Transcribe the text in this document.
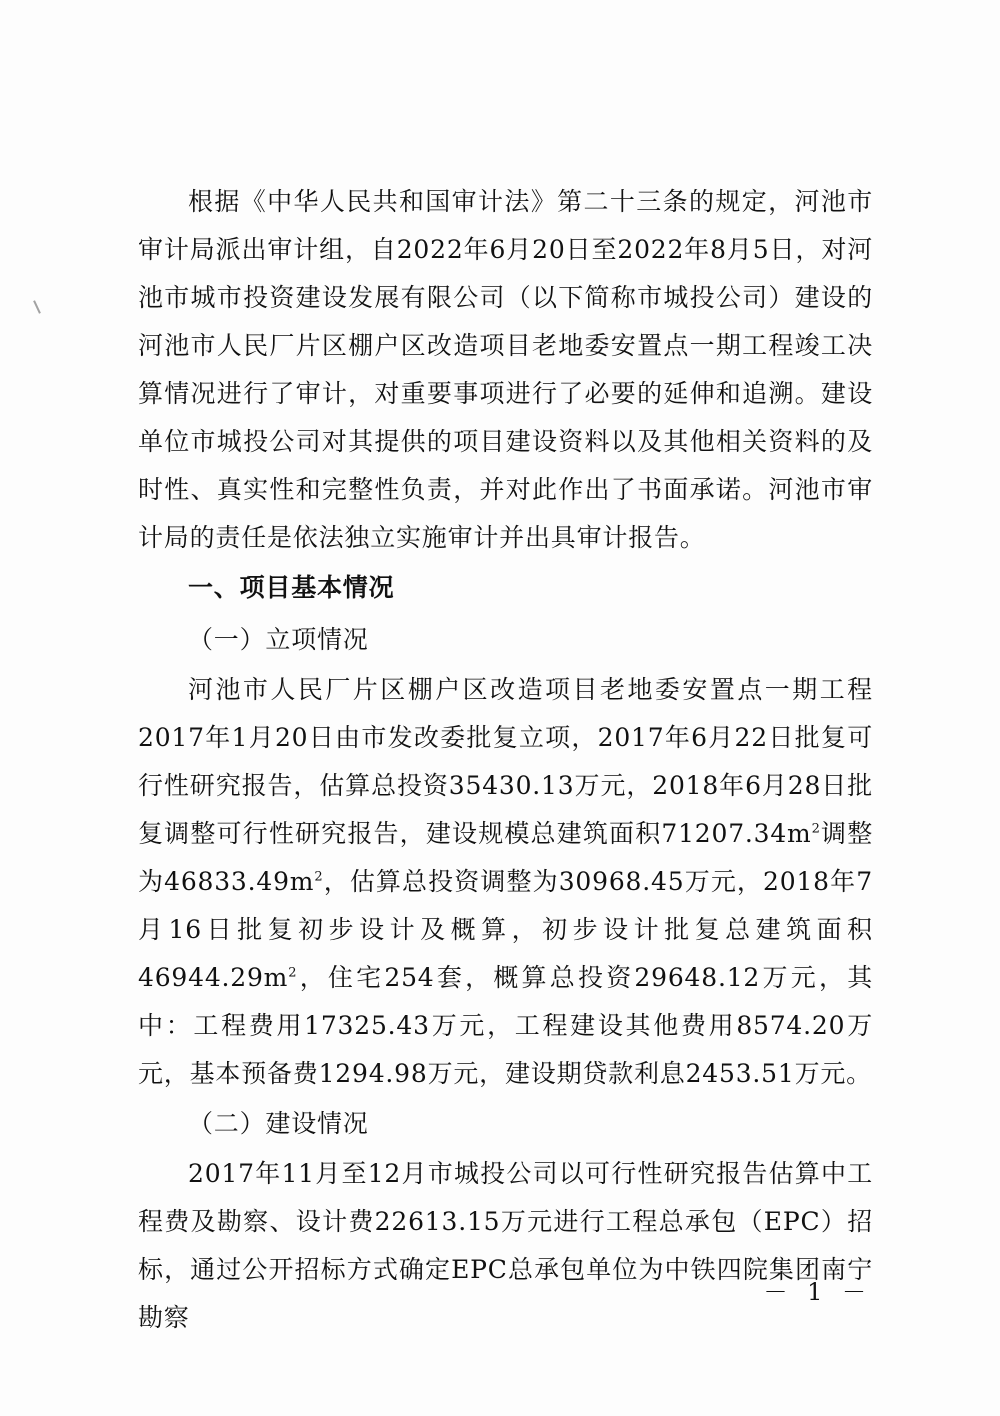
根据《中华人民共和国审计法》第二十三条的规定，河池市审计局派出审计组，自2022年6月20日至2022年8月5日，对河池市城市投资建设发展有限公司（以下简称市城投公司）建设的河池市人民厂片区棚户区改造项目老地委安置点一期工程竣工决算情况进行了审计，对重要事项进行了必要的延伸和追溯。建设单位市城投公司对其提供的项目建设资料以及其他相关资料的及时性、真实性和完整性负责，并对此作出了书面承诺。河池市审计局的责任是依法独立实施审计并出具审计报告。

一、项目基本情况

（一）立项情况

河池市人民厂片区棚户区改造项目老地委安置点一期工程2017年1月20日由市发改委批复立项，2017年6月22日批复可行性研究报告，估算总投资35430.13万元，2018年6月28日批复调整可行性研究报告，建设规模总建筑面积$71207.34m^2$调整为$46833.49m^2$，估算总投资调整为30968.45万元，2018年7月16日批复初步设计及概算，初步设计批复总建筑面积$46944.29m^2$，住宅254套，概算总投资29648.12万元，其中：工程费用17325.43万元，工程建设其他费用8574.20万元，基本预备费1294.98万元，建设期贷款利息2453.51万元。

（二）建设情况

2017年11月至12月市城投公司以可行性研究报告估算中工程费及勘察、设计费22613.15万元进行工程总承包（EPC）招标，通过公开招标方式确定EPC总承包单位为中铁四院集团南宁勘察

－ 1 －
